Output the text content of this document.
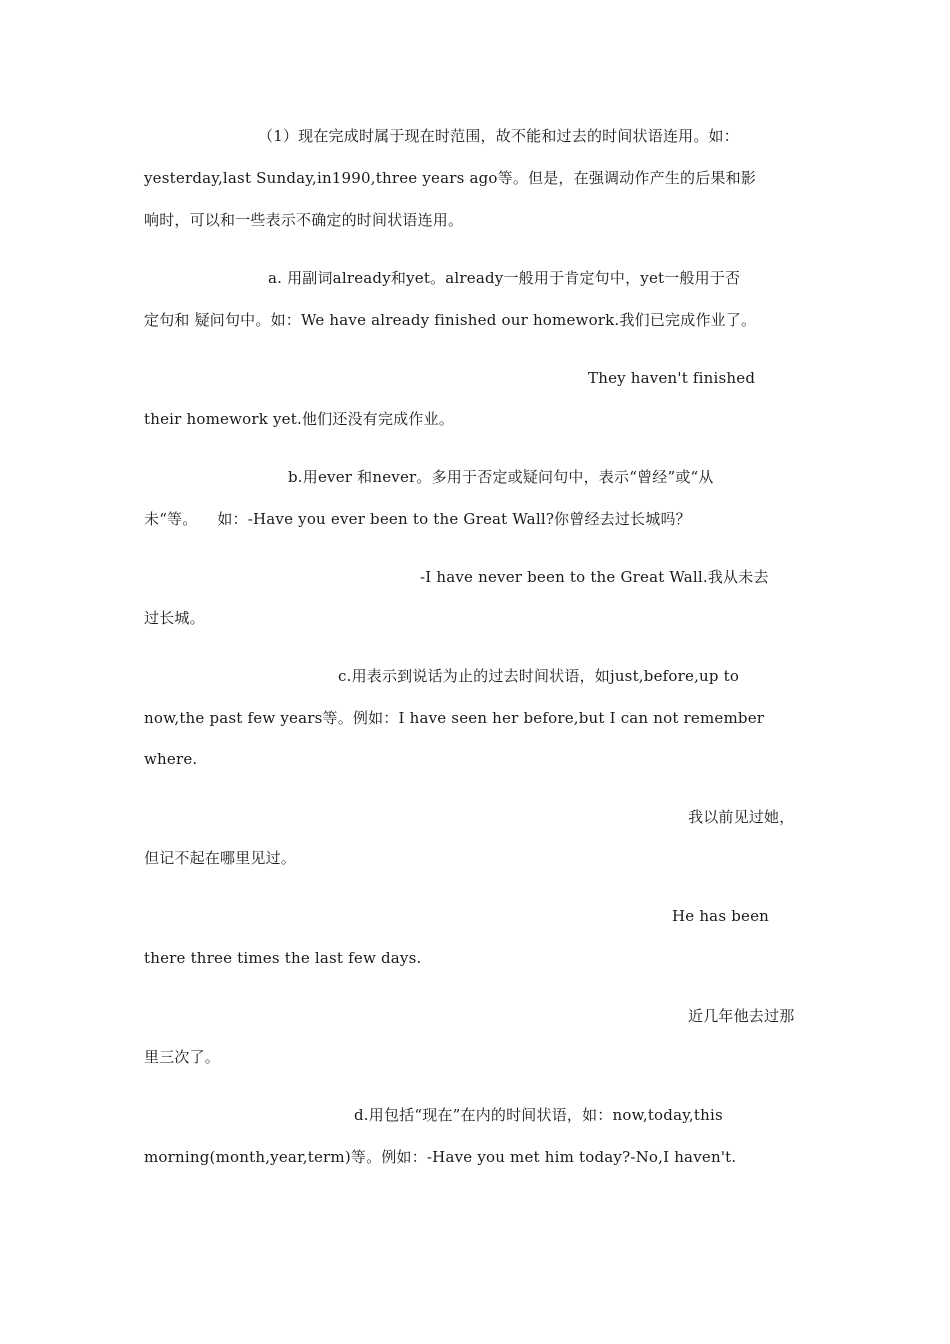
（1）现在完成时属于现在时范围，故不能和过去的时间状语连用。如：
yesterday,last Sunday,in1990,three years ago等。但是，在强调动作产生的后果和影
响时，可以和一些表示不确定的时间状语连用。
a. 用副词already和yet。already一般用于肯定句中，yet一般用于否
定句和 疑问句中。如：We have already finished our homework.我们已完成作业了。
They haven't finished
their homework yet.他们还没有完成作业。
b.用ever 和never。多用于否定或疑问句中，表示“曾经”或“从
未“等。    如：-Have you ever been to the Great Wall?你曾经去过长城吗？
-I have never been to the Great Wall.我从未去
过长城。
c.用表示到说话为止的过去时间状语，如just,before,up to
now,the past few years等。例如：I have seen her before,but I can not remember
where.
我以前见过她，
但记不起在哪里见过。
He has been
there three times the last few days.
近几年他去过那
里三次了。
d.用包括“现在”在内的时间状语，如：now,today,this
morning(month,year,term)等。例如：-Have you met him today?-No,I haven't.
